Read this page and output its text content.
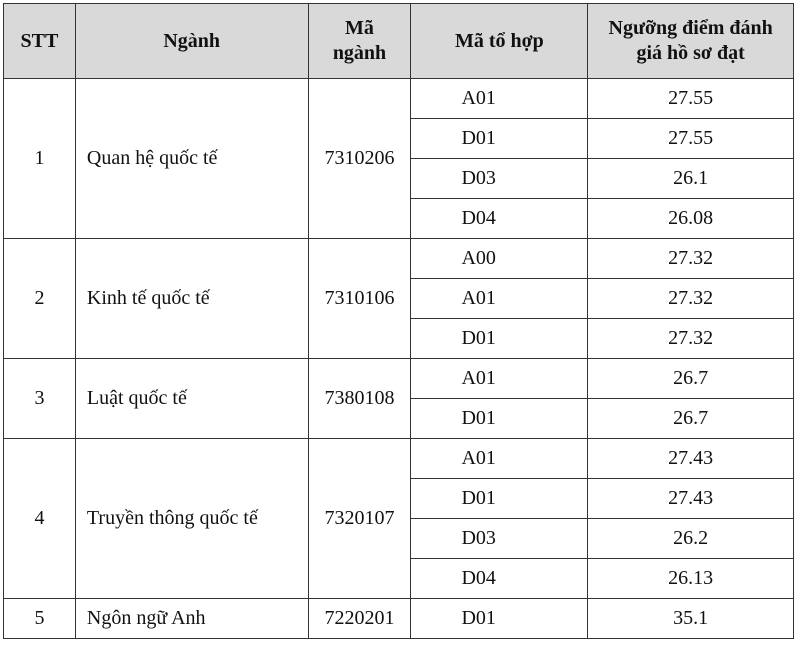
STT	Ngành	Mã ngành	Mã tổ hợp	Ngưỡng điểm đánh giá hồ sơ đạt
1	Quan hệ quốc tế	7310206	A01	27.55
			D01	27.55
			D03	26.1
			D04	26.08
2	Kinh tế quốc tế	7310106	A00	27.32
			A01	27.32
			D01	27.32
3	Luật quốc tế	7380108	A01	26.7
			D01	26.7
4	Truyền thông quốc tế	7320107	A01	27.43
			D01	27.43
			D03	26.2
			D04	26.13
5	Ngôn ngữ Anh	7220201	D01	35.1
